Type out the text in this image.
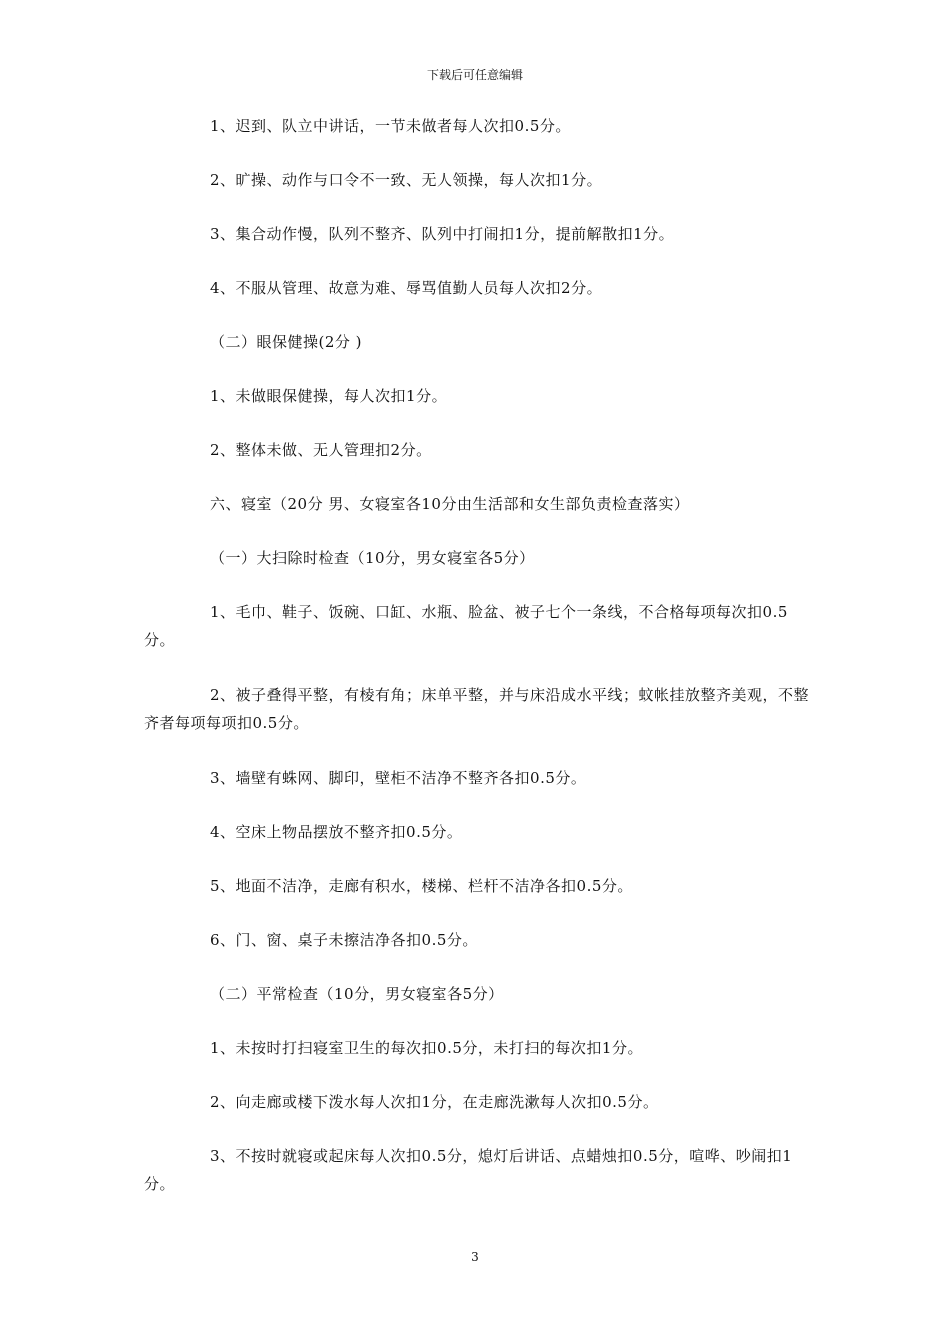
下载后可任意编辑

1、迟到、队立中讲话，一节未做者每人次扣0.5分。

2、旷操、动作与口令不一致、无人领操，每人次扣1分。

3、集合动作慢，队列不整齐、队列中打闹扣1分，提前解散扣1分。

4、不服从管理、故意为难、辱骂值勤人员每人次扣2分。

（二）眼保健操(2分 )

1、未做眼保健操，每人次扣1分。

2、整体未做、无人管理扣2分。

六、寝室（20分 男、女寝室各10分由生活部和女生部负责检查落实）

（一）大扫除时检查（10分，男女寝室各5分）

1、毛巾、鞋子、饭碗、口缸、水瓶、脸盆、被子七个一条线，不合格每项每次扣0.5分。

2、被子叠得平整，有棱有角；床单平整，并与床沿成水平线；蚊帐挂放整齐美观，不整齐者每项每项扣0.5分。

3、墙壁有蛛网、脚印，壁柜不洁净不整齐各扣0.5分。

4、空床上物品摆放不整齐扣0.5分。

5、地面不洁净，走廊有积水，楼梯、栏杆不洁净各扣0.5分。

6、门、窗、桌子未擦洁净各扣0.5分。

（二）平常检查（10分，男女寝室各5分）

1、未按时打扫寝室卫生的每次扣0.5分，未打扫的每次扣1分。

2、向走廊或楼下泼水每人次扣1分，在走廊洗漱每人次扣0.5分。

3、不按时就寝或起床每人次扣0.5分，熄灯后讲话、点蜡烛扣0.5分，喧哗、吵闹扣1分。

3
